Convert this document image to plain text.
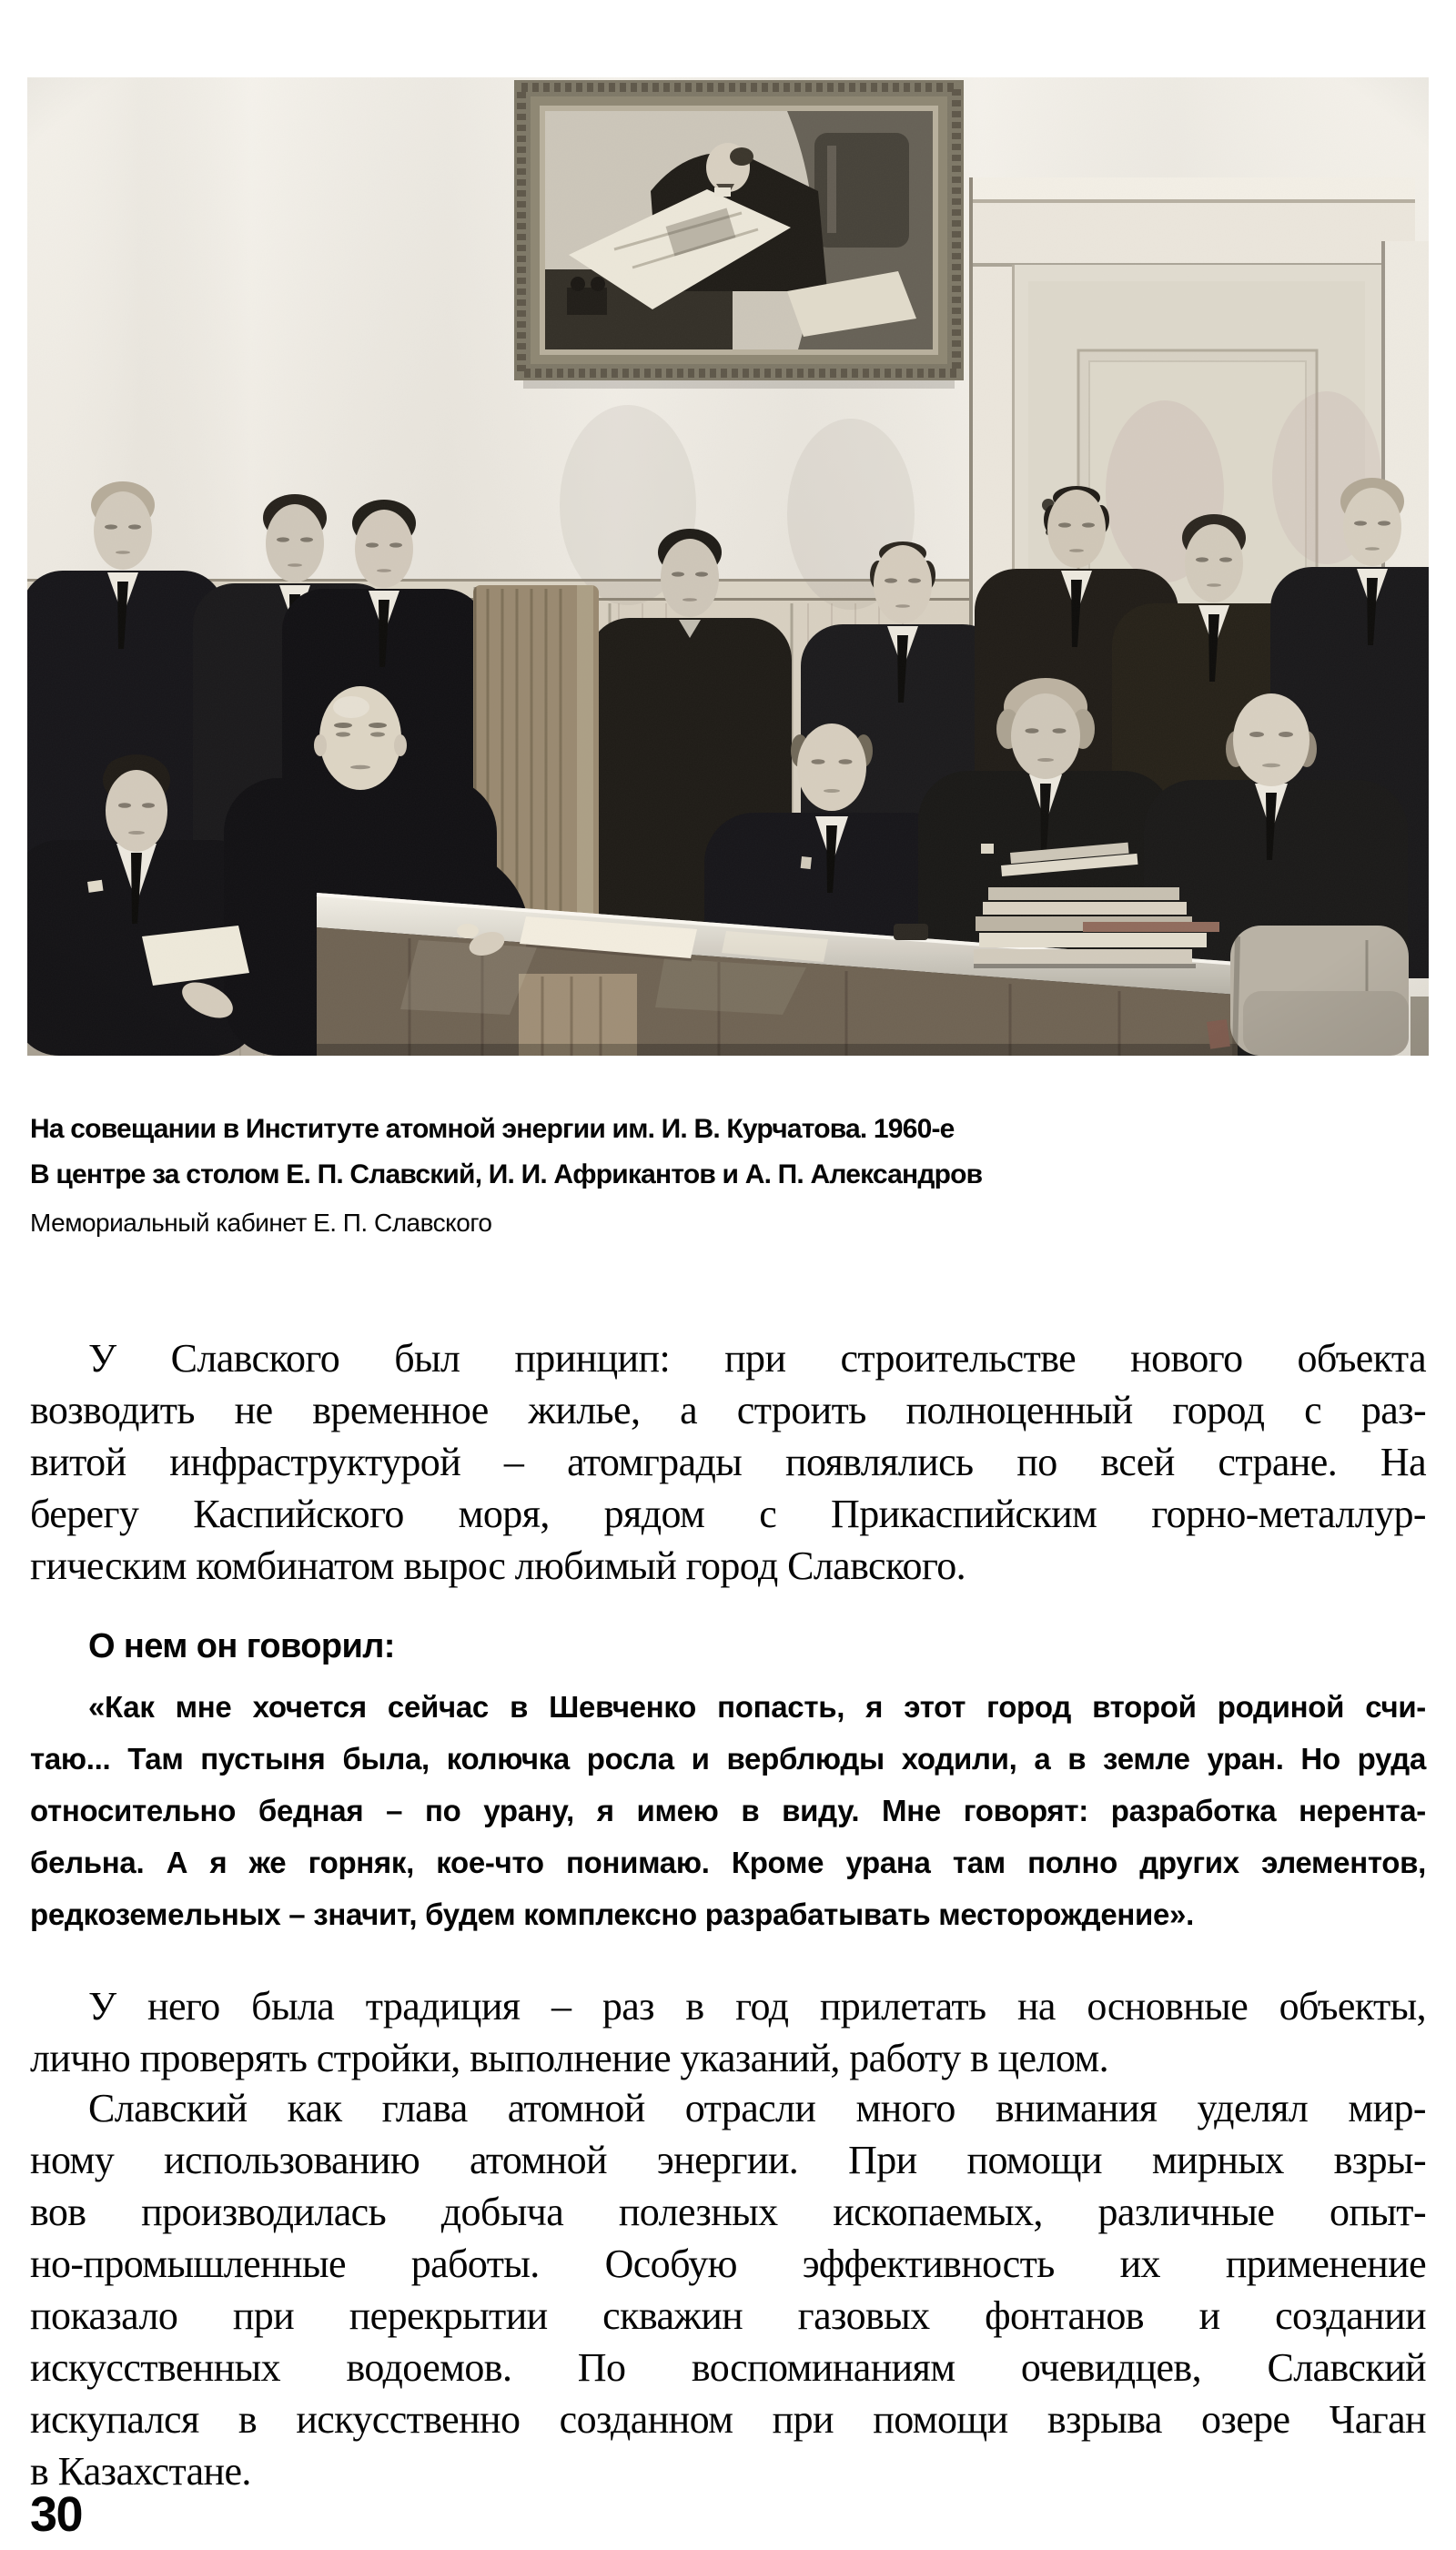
На совещании в Институте атомной энергии им. И. В. Курчатова. 1960-е
В центре за столом Е. П. Славский, И. И. Африкантов и А. П. Александров
Мемориальный кабинет Е. П. Славского
У Славского был принцип: при строительстве нового объекта
возводить не временное жилье, а строить полноценный город с раз-
витой инфраструктурой – атомграды появлялись по всей стране. На
берегу Каспийского моря, рядом с Прикаспийским горно-металлур-
гическим комбинатом вырос любимый город Славского.
О нем он говорил:
«Как мне хочется сейчас в Шевченко попасть, я этот город второй родиной счи-
таю... Там пустыня была, колючка росла и верблюды ходили, а в земле уран. Но руда
относительно бедная – по урану, я имею в виду. Мне говорят: разработка нерента-
бельна. А я же горняк, кое-что понимаю. Кроме урана там полно других элементов,
редкоземельных – значит, будем комплексно разрабатывать месторождение».
У него была традиция – раз в год прилетать на основные объекты,
лично проверять стройки, выполнение указаний, работу в целом.
Славский как глава атомной отрасли много внимания уделял мир-
ному использованию атомной энергии. При помощи мирных взры-
вов производилась добыча полезных ископаемых, различные опыт-
но-промышленные работы. Особую эффективность их применение
показало при перекрытии скважин газовых фонтанов и создании
искусственных водоемов. По воспоминаниям очевидцев, Славский
искупался в искусственно созданном при помощи взрыва озере Чаган
в Казахстане.
30
